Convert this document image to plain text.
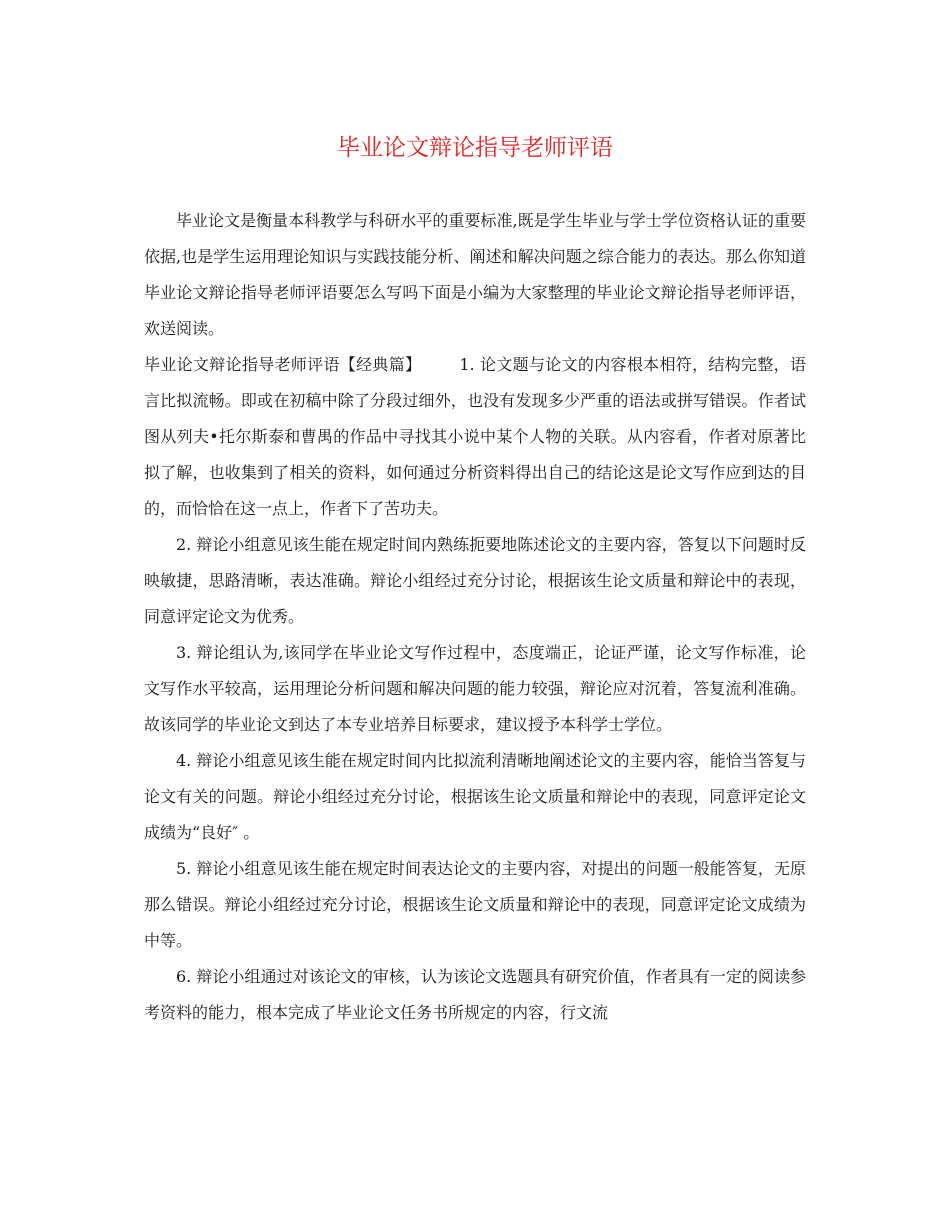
毕业论文辩论指导老师评语

毕业论文是衡量本科教学与科研水平的重要标准,既是学生毕业与学士学位资格认证的重要依据,也是学生运用理论知识与实践技能分析、阐述和解决问题之综合能力的表达。那么你知道毕业论文辩论指导老师评语要怎么写吗下面是小编为大家整理的毕业论文辩论指导老师评语，欢送阅读。

毕业论文辩论指导老师评语【经典篇】 1. 论文题与论文的内容根本相符，结构完整，语言比拟流畅。即或在初稿中除了分段过细外，也没有发现多少严重的语法或拼写错误。作者试图从列夫•托尔斯泰和曹禺的作品中寻找其小说中某个人物的关联。从内容看，作者对原著比拟了解，也收集到了相关的资料，如何通过分析资料得出自己的结论这是论文写作应到达的目的，而恰恰在这一点上，作者下了苦功夫。

2. 辩论小组意见该生能在规定时间内熟练扼要地陈述论文的主要内容，答复以下问题时反映敏捷，思路清晰，表达准确。辩论小组经过充分讨论，根据该生论文质量和辩论中的表现，同意评定论文为优秀。

3. 辩论组认为,该同学在毕业论文写作过程中，态度端正，论证严谨，论文写作标准，论文写作水平较高，运用理论分析问题和解决问题的能力较强，辩论应对沉着，答复流利准确。故该同学的毕业论文到达了本专业培养目标要求，建议授予本科学士学位。

4. 辩论小组意见该生能在规定时间内比拟流利清晰地阐述论文的主要内容，能恰当答复与论文有关的问题。辩论小组经过充分讨论，根据该生论文质量和辩论中的表现，同意评定论文成绩为“良好″ 。

5. 辩论小组意见该生能在规定时间表达论文的主要内容，对提出的问题一般能答复，无原那么错误。辩论小组经过充分讨论，根据该生论文质量和辩论中的表现，同意评定论文成绩为中等。

6. 辩论小组通过对该论文的审核，认为该论文选题具有研究价值，作者具有一定的阅读参考资料的能力，根本完成了毕业论文任务书所规定的内容，行文流
